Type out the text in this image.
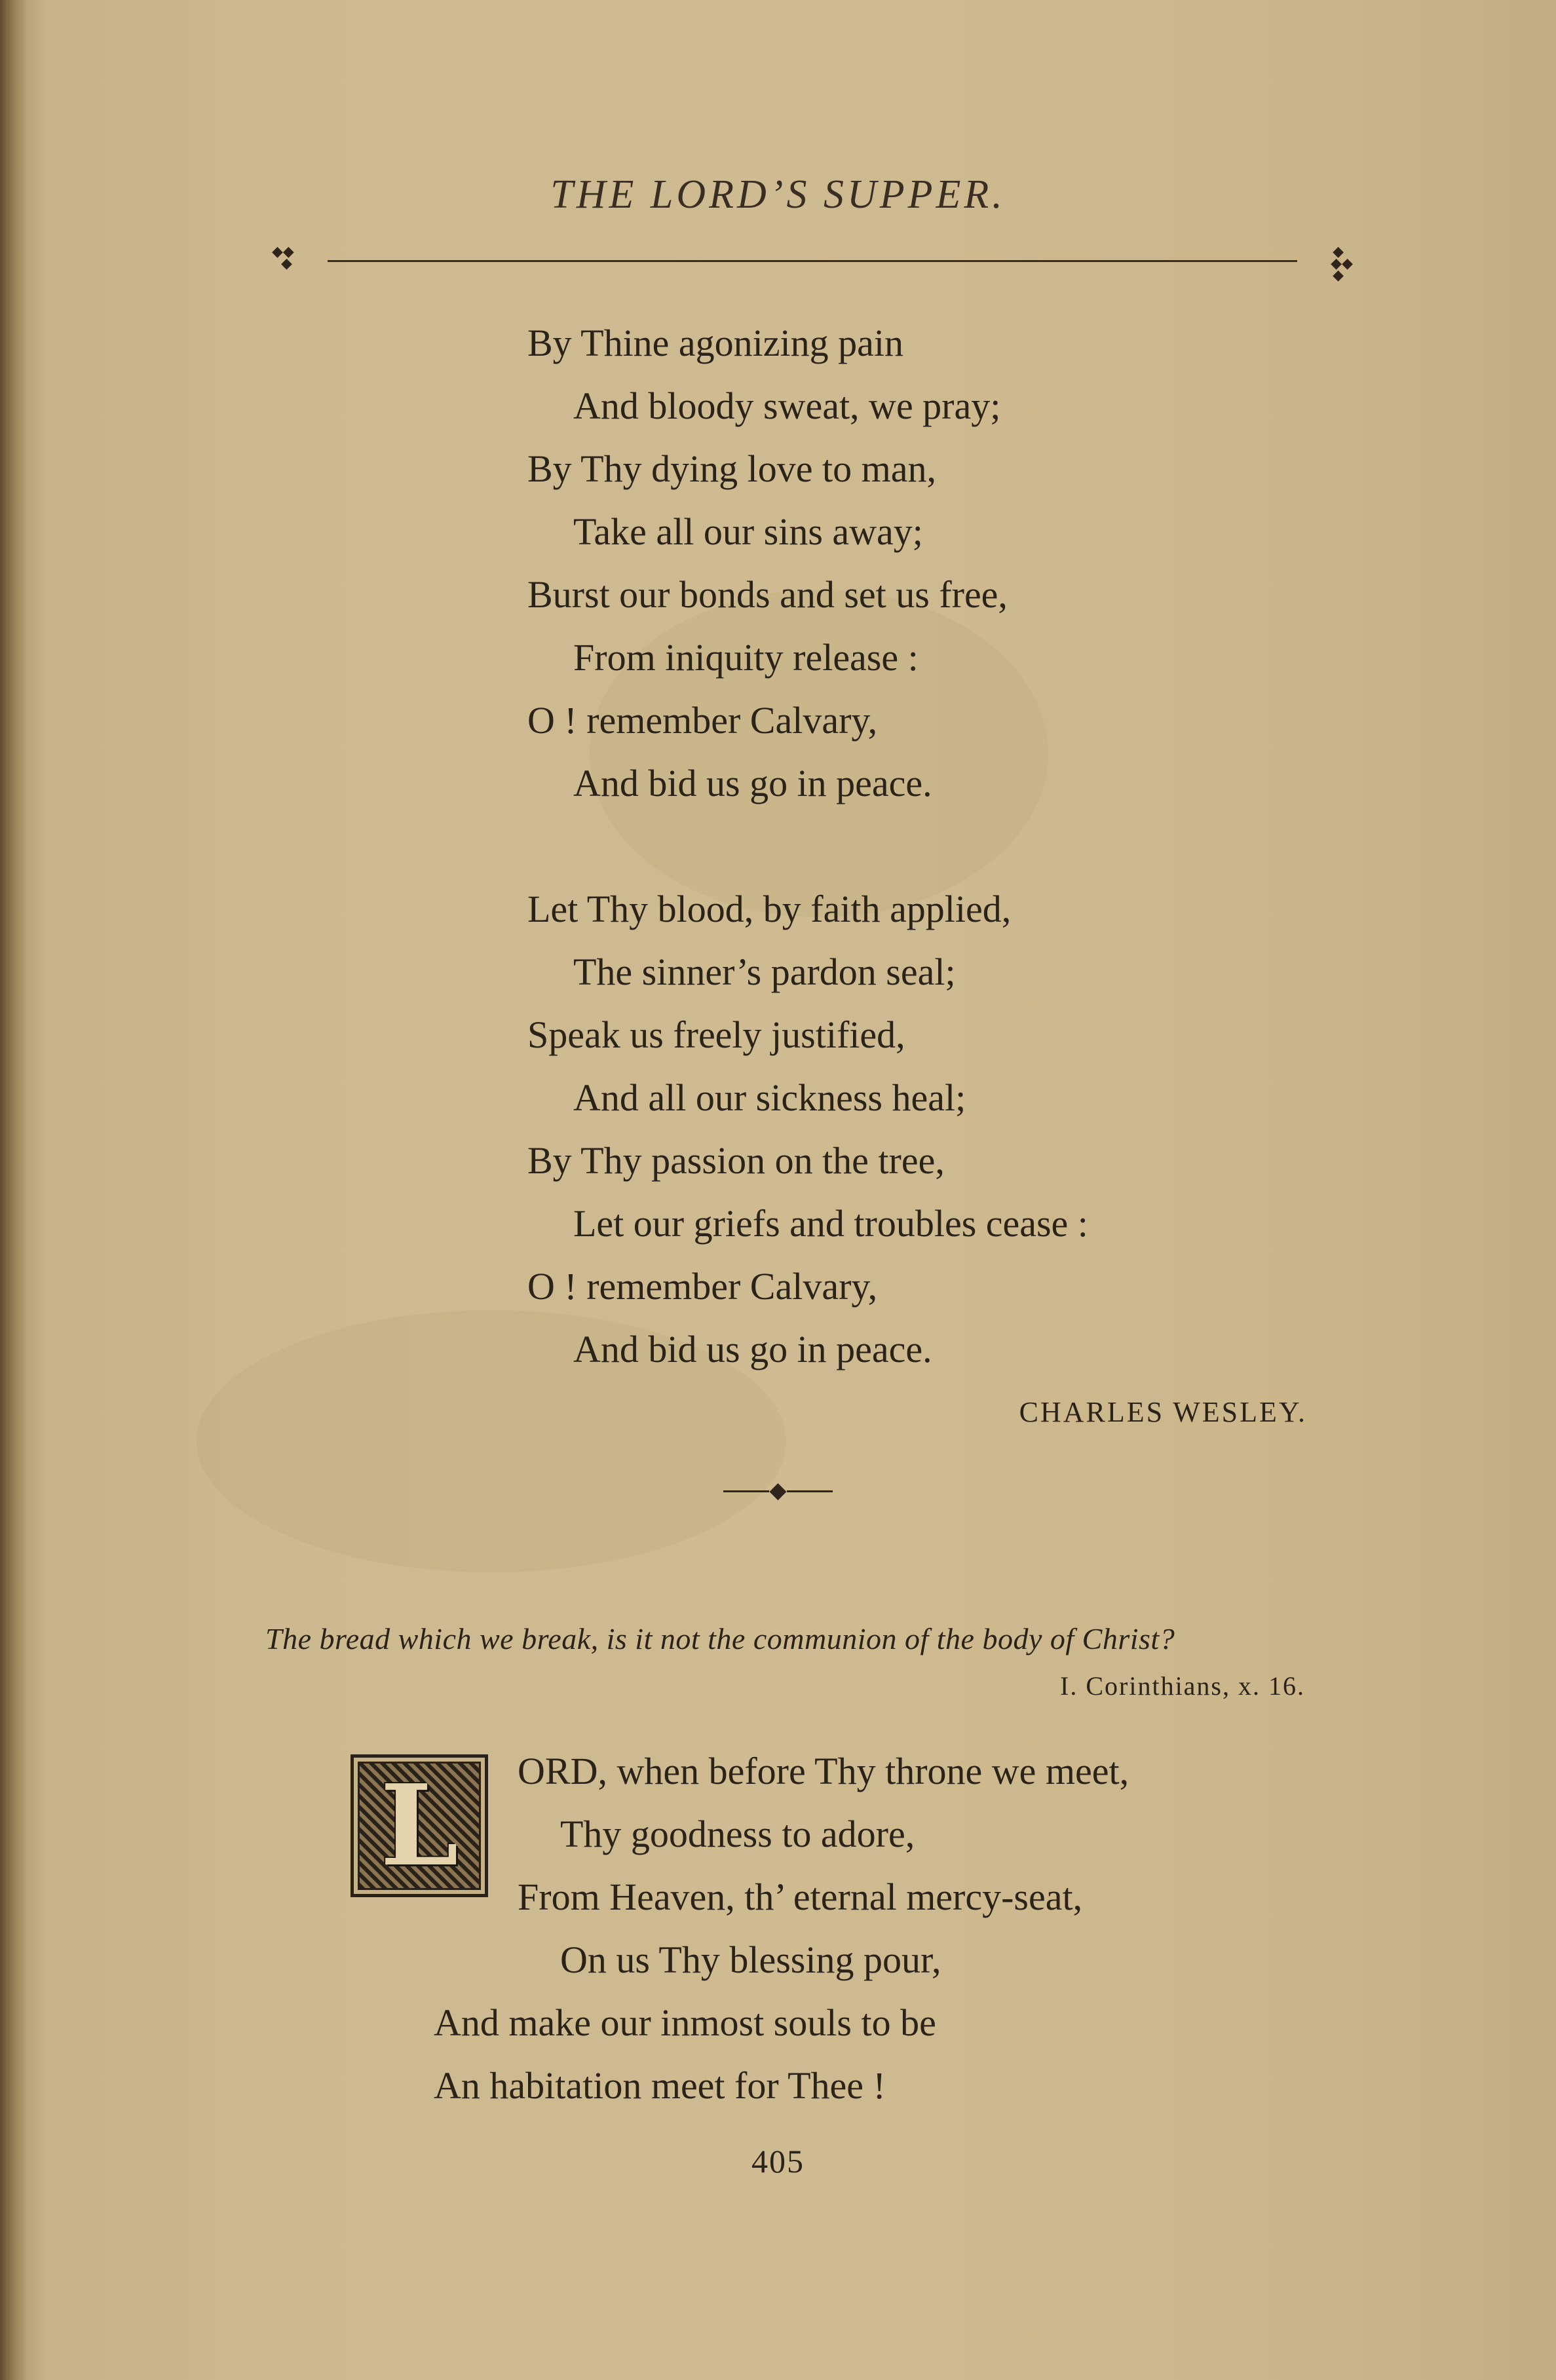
THE LORD’S SUPPER.
◆◆
◆
◆
◆◆
◆
By Thine agonizing pain
And bloody sweat, we pray;
By Thy dying love to man,
Take all our sins away;
Burst our bonds and set us free,
From iniquity release :
O ! remember Calvary,
And bid us go in peace.
Let Thy blood, by faith applied,
The sinner’s pardon seal;
Speak us freely justified,
And all our sickness heal;
By Thy passion on the tree,
Let our griefs and troubles cease :
O ! remember Calvary,
And bid us go in peace.
CHARLES WESLEY.
◆
The bread which we break, is it not the communion of the body of Christ?
I. Corinthians, x. 16.
L	ORD, when before Thy throne we meet,
Thy goodness to adore,
From Heaven, th’ eternal mercy-seat,
On us Thy blessing pour,
And make our inmost souls to be
An habitation meet for Thee !
405
